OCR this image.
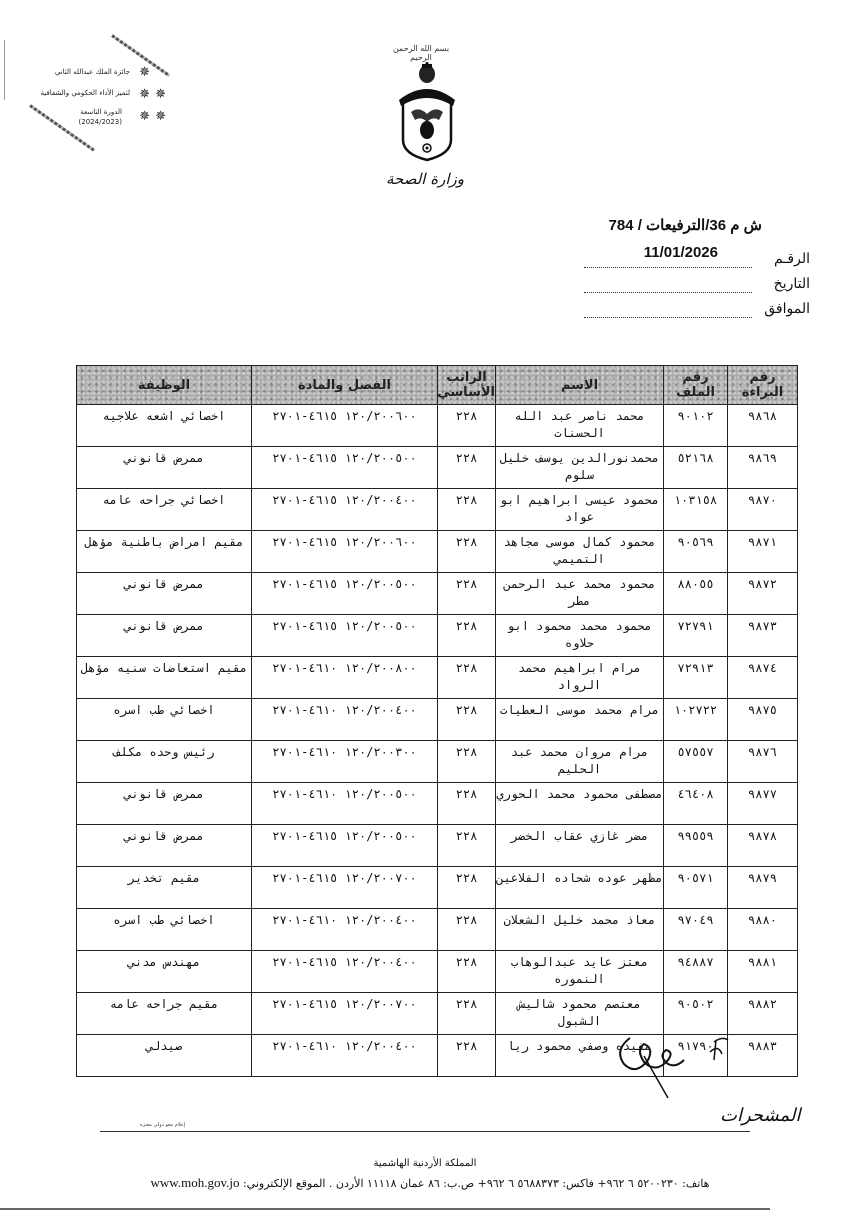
جائزة الملك عبدالله الثاني ✵
لتميز الأداء الحكومي والشفافية ✵ ✵
الدورة التاسعة
(2024/2023) ✵ ✵
بسم الله الرحمن الرحيم
وزارة الصحة
ش م 36/الترفيعات / 784
الرقـم
11/01/2026
التاريخ
الموافق
رقم البراءة	رقم الملف	الاسم	الراتب الأساسي	الفصل والمادة	الوظيفة
٩٨٦٨	٩٠١٠٢	محمد ناصر عبد الله الحسنات	٢٢٨	١٢٠/٢٠٠٦٠٠ ٤٦١٥-٢٧٠١	اخصائي اشعه علاجيه
٩٨٦٩	٥٢١٦٨	محمدنورالدين يوسف خليل سلوم	٢٢٨	١٢٠/٢٠٠٥٠٠ ٤٦١٥-٢٧٠١	ممرض قانوني
٩٨٧٠	١٠٣١٥٨	محمود عيسى ابراهيم ابو عواد	٢٢٨	١٢٠/٢٠٠٤٠٠ ٤٦١٥-٢٧٠١	اخصائي جراحه عامه
٩٨٧١	٩٠٥٦٩	محمود كمال موسى مجاهد التميمي	٢٢٨	١٢٠/٢٠٠٦٠٠ ٤٦١٥-٢٧٠١	مقيم امراض باطنية مؤهل
٩٨٧٢	٨٨٠٥٥	محمود محمد عبد الرحمن مطر	٢٢٨	١٢٠/٢٠٠٥٠٠ ٤٦١٥-٢٧٠١	ممرض قانوني
٩٨٧٣	٧٢٧٩١	محمود محمد محمود ابو حلاوه	٢٢٨	١٢٠/٢٠٠٥٠٠ ٤٦١٥-٢٧٠١	ممرض قانوني
٩٨٧٤	٧٢٩١٣	مرام ابراهيم محمد الرواد	٢٢٨	١٢٠/٢٠٠٨٠٠ ٤٦١٠-٢٧٠١	مقيم استعاضات سنيه مؤهل
٩٨٧٥	١٠٢٧٢٢	مرام محمد موسى العطيات	٢٢٨	١٢٠/٢٠٠٤٠٠ ٤٦١٠-٢٧٠١	اخصائي طب اسره
٩٨٧٦	٥٧٥٥٧	مرام مروان محمد عبد الحليم	٢٢٨	١٢٠/٢٠٠٣٠٠ ٤٦١٠-٢٧٠١	رئيس وحده مكلف
٩٨٧٧	٤٦٤٠٨	مصطفى محمود محمد الحوري	٢٢٨	١٢٠/٢٠٠٥٠٠ ٤٦١٠-٢٧٠١	ممرض قانوني
٩٨٧٨	٩٩٥٥٩	مضر غازي عقاب الخضر	٢٢٨	١٢٠/٢٠٠٥٠٠ ٤٦١٥-٢٧٠١	ممرض قانوني
٩٨٧٩	٩٠٥٧١	مظهر عوده شحاده الفلاعين	٢٢٨	١٢٠/٢٠٠٧٠٠ ٤٦١٥-٢٧٠١	مقيم تخدير
٩٨٨٠	٩٧٠٤٩	معاذ محمد خليل الشعلان	٢٢٨	١٢٠/٢٠٠٤٠٠ ٤٦١٠-٢٧٠١	اخصائي طب اسره
٩٨٨١	٩٤٨٨٧	معتز عايد عبدالوهاب النموره	٢٢٨	١٢٠/٢٠٠٤٠٠ ٤٦١٥-٢٧٠١	مهندس مدني
٩٨٨٢	٩٠٥٠٢	معتصم محمود شاليش الشبول	٢٢٨	١٢٠/٢٠٠٧٠٠ ٤٦١٥-٢٧٠١	مقيم جراحه عامه
٩٨٨٣	٩١٧٩٠	مفيده وصفي محمود ريا	٢٢٨	١٢٠/٢٠٠٤٠٠ ٤٦١٠-٢٧٠١	صيدلي
المشحرات
إعلام معو دولي معتزه
المملكة الأردنية الهاشمية
هاتف: ٥٢٠٠٢٣٠ ٦ ٩٦٢+ فاكس: ٥٦٨٨٣٧٣ ٦ ٩٦٢+ ص.ب: ٨٦ عمان ١١١١٨ الأردن . الموقع الإلكتروني: www.moh.gov.jo
